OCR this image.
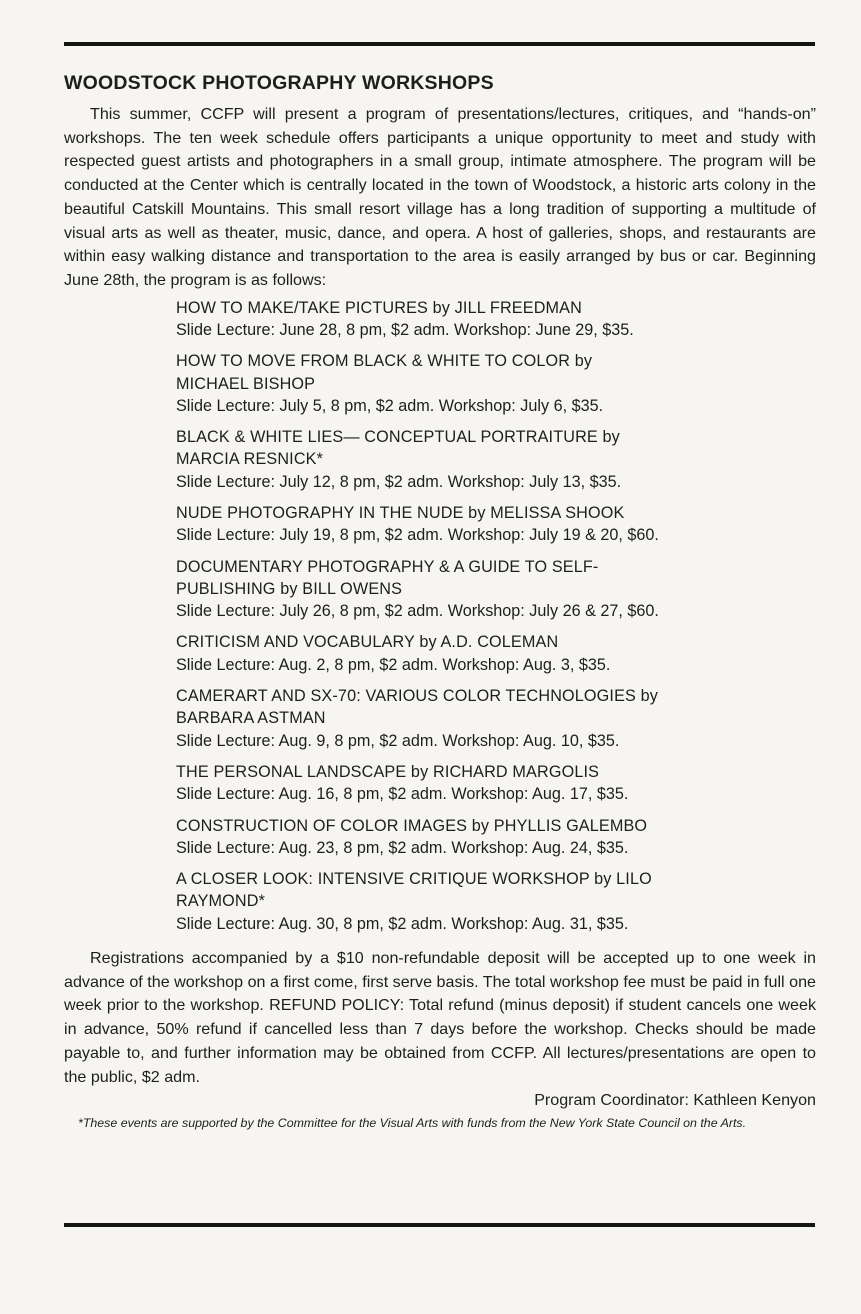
WOODSTOCK PHOTOGRAPHY WORKSHOPS

This summer, CCFP will present a program of presentations/lectures, critiques, and “hands-on” workshops. The ten week schedule offers participants a unique opportunity to meet and study with respected guest artists and photographers in a small group, intimate atmosphere. The program will be conducted at the Center which is centrally located in the town of Woodstock, a historic arts colony in the beautiful Catskill Mountains. This small resort village has a long tradition of supporting a multitude of visual arts as well as theater, music, dance, and opera. A host of galleries, shops, and restaurants are within easy walking distance and transportation to the area is easily arranged by bus or car. Beginning June 28th, the program is as follows:

HOW TO MAKE/TAKE PICTURES by JILL FREEDMAN
Slide Lecture: June 28, 8 pm, $2 adm. Workshop: June 29, $35.
HOW TO MOVE FROM BLACK & WHITE TO COLOR by MICHAEL BISHOP
Slide Lecture: July 5, 8 pm, $2 adm. Workshop: July 6, $35.
BLACK & WHITE LIES— CONCEPTUAL PORTRAITURE by MARCIA RESNICK*
Slide Lecture: July 12, 8 pm, $2 adm. Workshop: July 13, $35.
NUDE PHOTOGRAPHY IN THE NUDE by MELISSA SHOOK
Slide Lecture: July 19, 8 pm, $2 adm. Workshop: July 19 & 20, $60.
DOCUMENTARY PHOTOGRAPHY & A GUIDE TO SELF-PUBLISHING by BILL OWENS
Slide Lecture: July 26, 8 pm, $2 adm. Workshop: July 26 & 27, $60.
CRITICISM AND VOCABULARY by A.D. COLEMAN
Slide Lecture: Aug. 2, 8 pm, $2 adm. Workshop: Aug. 3, $35.
CAMERART AND SX-70: VARIOUS COLOR TECHNOLOGIES by BARBARA ASTMAN
Slide Lecture: Aug. 9, 8 pm, $2 adm. Workshop: Aug. 10, $35.
THE PERSONAL LANDSCAPE by RICHARD MARGOLIS
Slide Lecture: Aug. 16, 8 pm, $2 adm. Workshop: Aug. 17, $35.
CONSTRUCTION OF COLOR IMAGES by PHYLLIS GALEMBO
Slide Lecture: Aug. 23, 8 pm, $2 adm. Workshop: Aug. 24, $35.
A CLOSER LOOK: INTENSIVE CRITIQUE WORKSHOP by LILO RAYMOND*
Slide Lecture: Aug. 30, 8 pm, $2 adm. Workshop: Aug. 31, $35.

Registrations accompanied by a $10 non-refundable deposit will be accepted up to one week in advance of the workshop on a first come, first serve basis. The total workshop fee must be paid in full one week prior to the workshop. REFUND POLICY: Total refund (minus deposit) if student cancels one week in advance, 50% refund if cancelled less than 7 days before the workshop. Checks should be made payable to, and further information may be obtained from CCFP. All lectures/presentations are open to the public, $2 adm.

Program Coordinator: Kathleen Kenyon

*These events are supported by the Committee for the Visual Arts with funds from the New York State Council on the Arts.
